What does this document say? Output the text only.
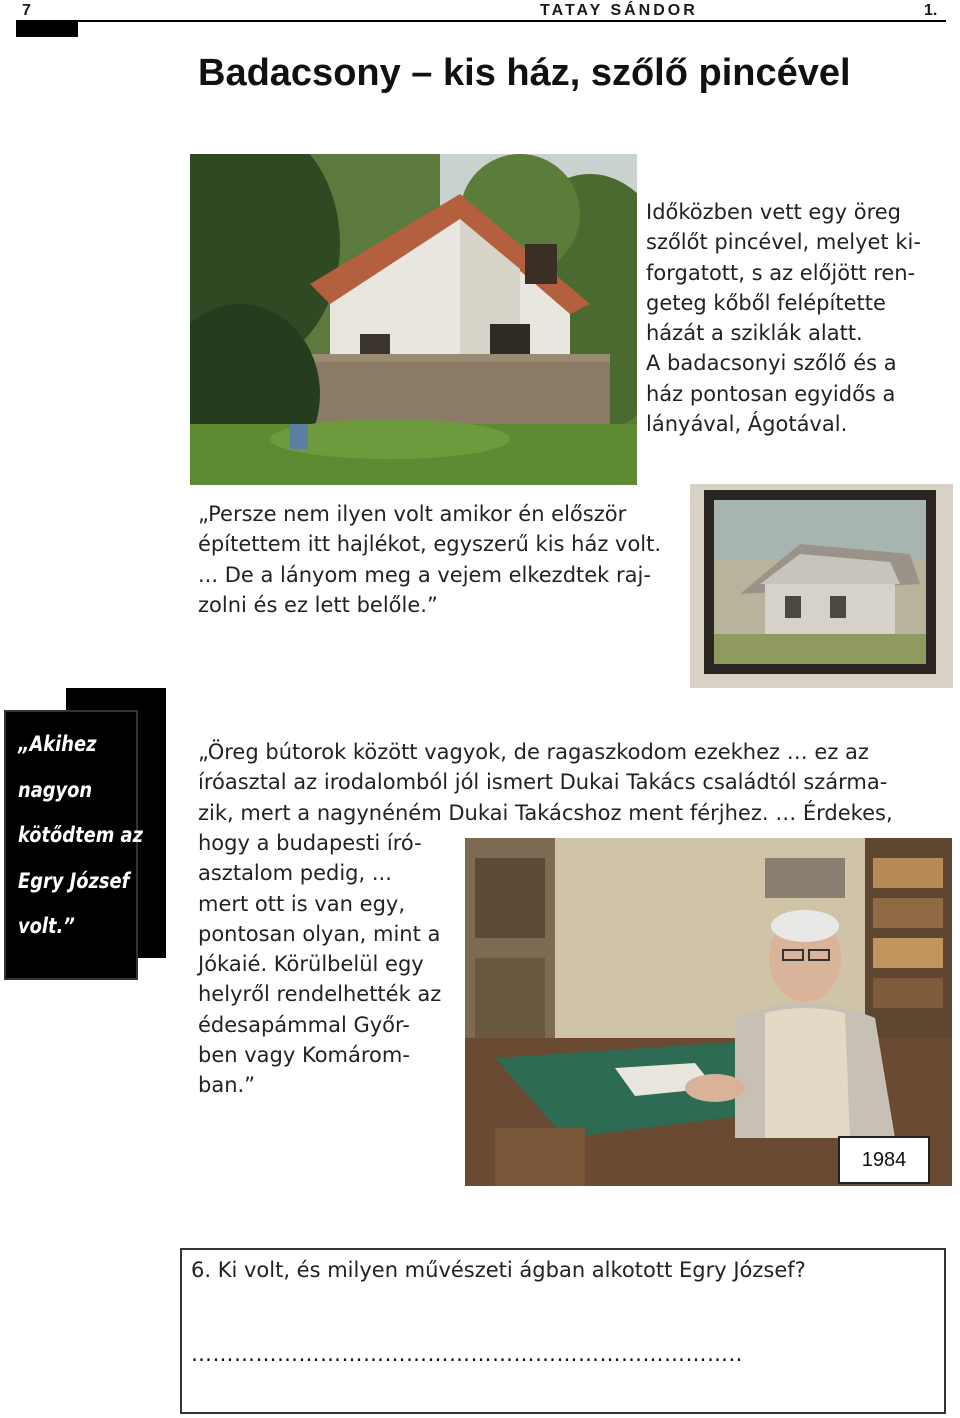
7	TATAY SÁNDOR	1.
Badacsony – kis ház, szőlő pincével

Időközben vett egy öreg

szőlőt pincével, melyet ki-

forgatott, s az előjött ren-

geteg kőből felépítette

házát a sziklák alatt.

A badacsonyi szőlő és a

ház pontosan egyidős a

lányával, Ágotával.

„Persze nem ilyen volt amikor én először

építettem itt hajlékot, egyszerű kis ház volt.

... De a lányom meg a vejem elkezdtek raj-

zolni és ez lett belőle.”

„Akihez
nagyon
kötődtem az
Egry József
volt.”

„Öreg bútorok között vagyok, de ragaszkodom ezekhez … ez az

íróasztal az irodalomból jól ismert Dukai Takács családtól szárma-

zik, mert a nagynéném Dukai Takácshoz ment férjhez. … Érdekes,

hogy a budapesti író-

asztalom pedig, ...

mert ott is van egy,

pontosan olyan, mint a

Jókaié. Körülbelül egy

helyről rendelhették az

édesapámmal Győr-

ben vagy Komárom-

ban.”

1984
6. Ki volt, és milyen művészeti ágban alkotott Egry József?
…………………………………………………………………..
